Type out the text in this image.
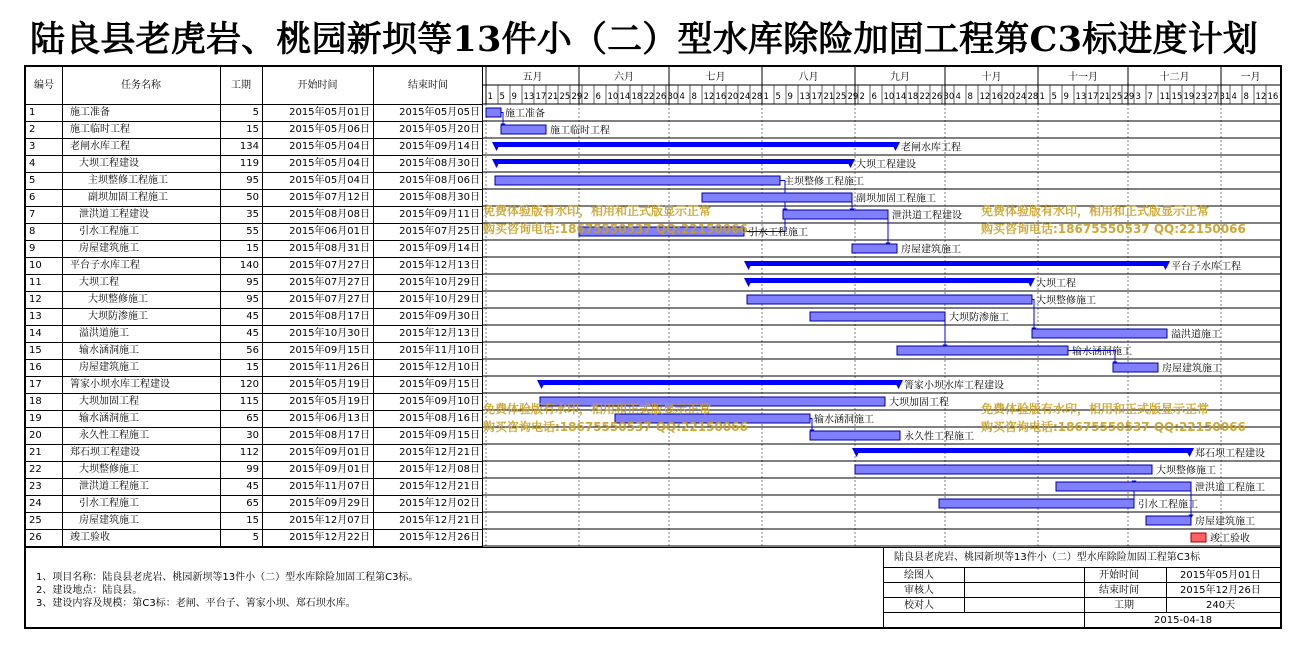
陆良县老虎岩、桃园新坝等13件小（二）型水库除险加固工程第C3标进度计划
编号	任务名称	工期	开始时间	结束时间
1	施工准备	5	2015年05月01日	2015年05月05日
2	施工临时工程	15	2015年05月06日	2015年05月20日
3	老闸水库工程	134	2015年05月04日	2015年09月14日
4	大坝工程建设	119	2015年05月04日	2015年08月30日
5	主坝整修工程施工	95	2015年05月04日	2015年08月06日
6	副坝加固工程施工	50	2015年07月12日	2015年08月30日
7	泄洪道工程建设	35	2015年08月08日	2015年09月11日
8	引水工程施工	55	2015年06月01日	2015年07月25日
9	房屋建筑施工	15	2015年08月31日	2015年09月14日
10	平台子水库工程	140	2015年07月27日	2015年12月13日
11	大坝工程	95	2015年07月27日	2015年10月29日
12	大坝整修施工	95	2015年07月27日	2015年10月29日
13	大坝防渗施工	45	2015年08月17日	2015年09月30日
14	溢洪道施工	45	2015年10月30日	2015年12月13日
15	输水涵洞施工	56	2015年09月15日	2015年11月10日
16	房屋建筑施工	15	2015年11月26日	2015年12月10日
17	箐家小坝水库工程建设	120	2015年05月19日	2015年09月15日
18	大坝加固工程	115	2015年05月19日	2015年09月10日
19	输水涵洞施工	65	2015年06月13日	2015年08月16日
20	永久性工程施工	30	2015年08月17日	2015年09月15日
21	郑石坝工程建设	112	2015年09月01日	2015年12月21日
22	大坝整修施工	99	2015年09月01日	2015年12月08日
23	泄洪道工程施工	45	2015年11月07日	2015年12月21日
24	引水工程施工	65	2015年09月29日	2015年12月02日
25	房屋建筑施工	15	2015年12月07日	2015年12月21日
26	竣工验收	5	2015年12月22日	2015年12月26日
五月	六月	七月	八月	九月	十月	十一月	十二月	一月
1 5 9 13 17 21 25 29 2 6 10 14 18 22 26 30 4 8 12 16 20 24 28 1 5 9 13 17 21 25 29 2 6 10 14 18 22 26 30 4 8 12 16 20 24 28 1 5 9 13 17 21 25 29 3 7 11 15 19 23 27 31 4 8 12 16
施工准备
施工临时工程
老闸水库工程
大坝工程建设
主坝整修工程施工
副坝加固工程施工
泄洪道工程建设
引水工程施工
房屋建筑施工
平台子水库工程
大坝工程
大坝整修施工
大坝防渗施工
溢洪道施工
输水涵洞施工
房屋建筑施工
箐家小坝水库工程建设
大坝加固工程
输水涵洞施工
永久性工程施工
郑石坝工程建设
大坝整修施工
泄洪道工程施工
引水工程施工
房屋建筑施工
竣工验收
免费体验版有水印，相用和正式版显示正常
购买咨询电话:18675550537 QQ:22150066
免费体验版有水印，相用和正式版显示正常
购买咨询电话:18675550537 QQ:22150066
免费体验版有水印，相用和正式版显示正常
购买咨询电话:18675550537 QQ:22150066
免费体验版有水印，相用和正式版显示正常
购买咨询电话:18675550537 QQ:22150066
1、项目名称：陆良县老虎岩、桃园新坝等13件小（二）型水库除险加固工程第C3标。
2、建设地点：陆良县。
3、建设内容及规模：第C3标：老闸、平台子、箐家小坝、郑石坝水库。
陆良县老虎岩、桃园新坝等13件小（二）型水库除险加固工程第C3标
绘图人
审核人
校对人
开始时间	2015年05月01日
结束时间	2015年12月26日
工期	240天
2015-04-18
